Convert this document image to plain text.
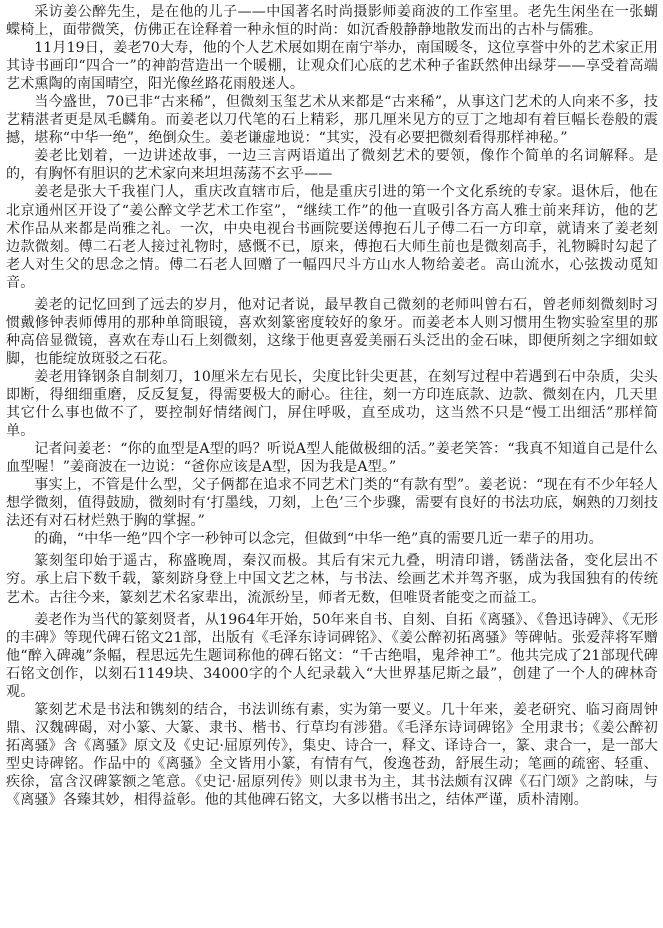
采访姜公醉先生，是在他的儿子——中国著名时尚摄影师姜商波的工作室里。老先生闲坐在一张蝴蝶椅上，面带微笑，仿佛正在诠释着一种永恒的时尚：如沉香般静静地散发而出的古朴与儒雅。

11月19日，姜老70大寿，他的个人艺术展如期在南宁举办，南国暖冬，这位享誉中外的艺术家正用其诗书画印“四合一”的神韵营造出一个暖棚，让观众们心底的艺术种子雀跃然伸出绿芽——享受着高端艺术熏陶的南国晴空，阳光像丝路花雨般迷人。

当今盛世，70已非“古来稀”，但微刻玉玺艺术从来都是“古来稀”，从事这门艺术的人向来不多，技艺精湛者更是凤毛麟角。而姜老以刀代笔的石上精彩，那几厘米见方的豆丁之地却有着巨幅长卷般的震撼，堪称“中华一绝”，绝倒众生。姜老谦虚地说：“其实，没有必要把微刻看得那样神秘。”

姜老比划着，一边讲述故事，一边三言两语道出了微刻艺术的要领，像作个简单的名词解释。是的，有胸怀有胆识的艺术家向来坦坦荡荡不玄乎——

姜老是张大千我崔门人，重庆改直辖市后，他是重庆引进的第一个文化系统的专家。退休后，他在北京通州区开设了“姜公醉文学艺术工作室”，“继续工作”的他一直吸引各方高人雅士前来拜访，他的艺术作品从来都是尚雅之礼。一次，中央电视台书画院要送傅抱石儿子傅二石一方印章，就请来了姜老刻边款微刻。傅二石老人接过礼物时，感慨不已，原来，傅抱石大师生前也是微刻高手，礼物瞬时勾起了老人对生父的思念之情。傅二石老人回赠了一幅四尺斗方山水人物给姜老。高山流水，心弦拨动觅知音。

姜老的记忆回到了远去的岁月，他对记者说，最早教自己微刻的老师叫曾右石，曾老师刻微刻时习惯戴修钟表师傅用的那种单筒眼镜，喜欢刻篆密度较好的象牙。而姜老本人则习惯用生物实验室里的那种高倍显微镜，喜欢在寿山石上刻微刻，这缘于他更喜爱美丽石头泛出的金石味，即便所刻之字细如蚊脚，也能绽放斑驳之石花。

姜老用锋钢条自制刻刀，10厘米左右见长，尖度比针尖更甚，在刻写过程中若遇到石中杂质，尖头即断，得细细重磨，反反复复，得需要极大的耐心。往往，刻一方印连底款、边款、微刻在内，几天里其它什么事也做不了，要控制好情绪阀门，屏住呼吸，直至成功，这当然不只是“慢工出细活”那样简单。

记者问姜老：“你的血型是A型的吗？听说A型人能做极细的活。”姜老笑答：“我真不知道自己是什么血型喔！”姜商波在一边说：“爸你应该是A型，因为我是A型。”

事实上，不管是什么型，父子俩都在追求不同艺术门类的“有款有型”。姜老说：“现在有不少年轻人想学微刻，值得鼓励，微刻时有‘打墨线，刀刻，上色’三个步骤，需要有良好的书法功底，娴熟的刀刻技法还有对石材烂熟于胸的掌握。”

的确，“中华一绝”四个字一秒钟可以念完，但做到“中华一绝”真的需要几近一辈子的用功。

篆刻玺印始于遥古，称盛晚周，秦汉而极。其后有宋元九叠，明清印谱，锈凿法备，变化层出不穷。承上启下数千载，篆刻跻身登上中国文艺之林，与书法、绘画艺术并驾齐驱，成为我国独有的传统艺术。古往今来，篆刻艺术名家辈出，流派纷呈，师者无数，但唯贤者能变之而益工。

姜老作为当代的篆刻贤者，从1964年开始，50年来自书、自刻、自拓《离骚》、《鲁迅诗碑》、《无形的丰碑》等现代碑石铭文21部，出版有《毛泽东诗词碑铭》、《姜公醉初拓离骚》等碑帖。张爱萍将军赠他“醉入碑魂”条幅，程思远先生题词称他的碑石铭文：“千古绝唱，鬼斧神工”。他共完成了21部现代碑石铭文创作，以刻石1149块、34000字的个人纪录载入“大世界基尼斯之最”，创建了一个人的碑林奇观。

篆刻艺术是书法和镌刻的结合，书法训练有素，实为第一要义。几十年来，姜老研究、临习商周钟鼎、汉魏碑碣，对小篆、大篆、隶书、楷书、行草均有涉猎。《毛泽东诗词碑铭》全用隶书；《姜公醉初拓离骚》含《离骚》原文及《史记·屈原列传》，集史、诗合一，释文、译诗合一，篆、隶合一，是一部大型史诗碑铭。作品中的《离骚》全文皆用小篆，有情有气，俊逸苍劲，舒展生动；笔画的疏密、轻重、疾徐，富含汉碑篆额之笔意。《史记·屈原列传》则以隶书为主，其书法颇有汉碑《石门颂》之韵味，与《离骚》各臻其妙，相得益彰。他的其他碑石铭文，大多以楷书出之，结体严谨，质朴清刚。
